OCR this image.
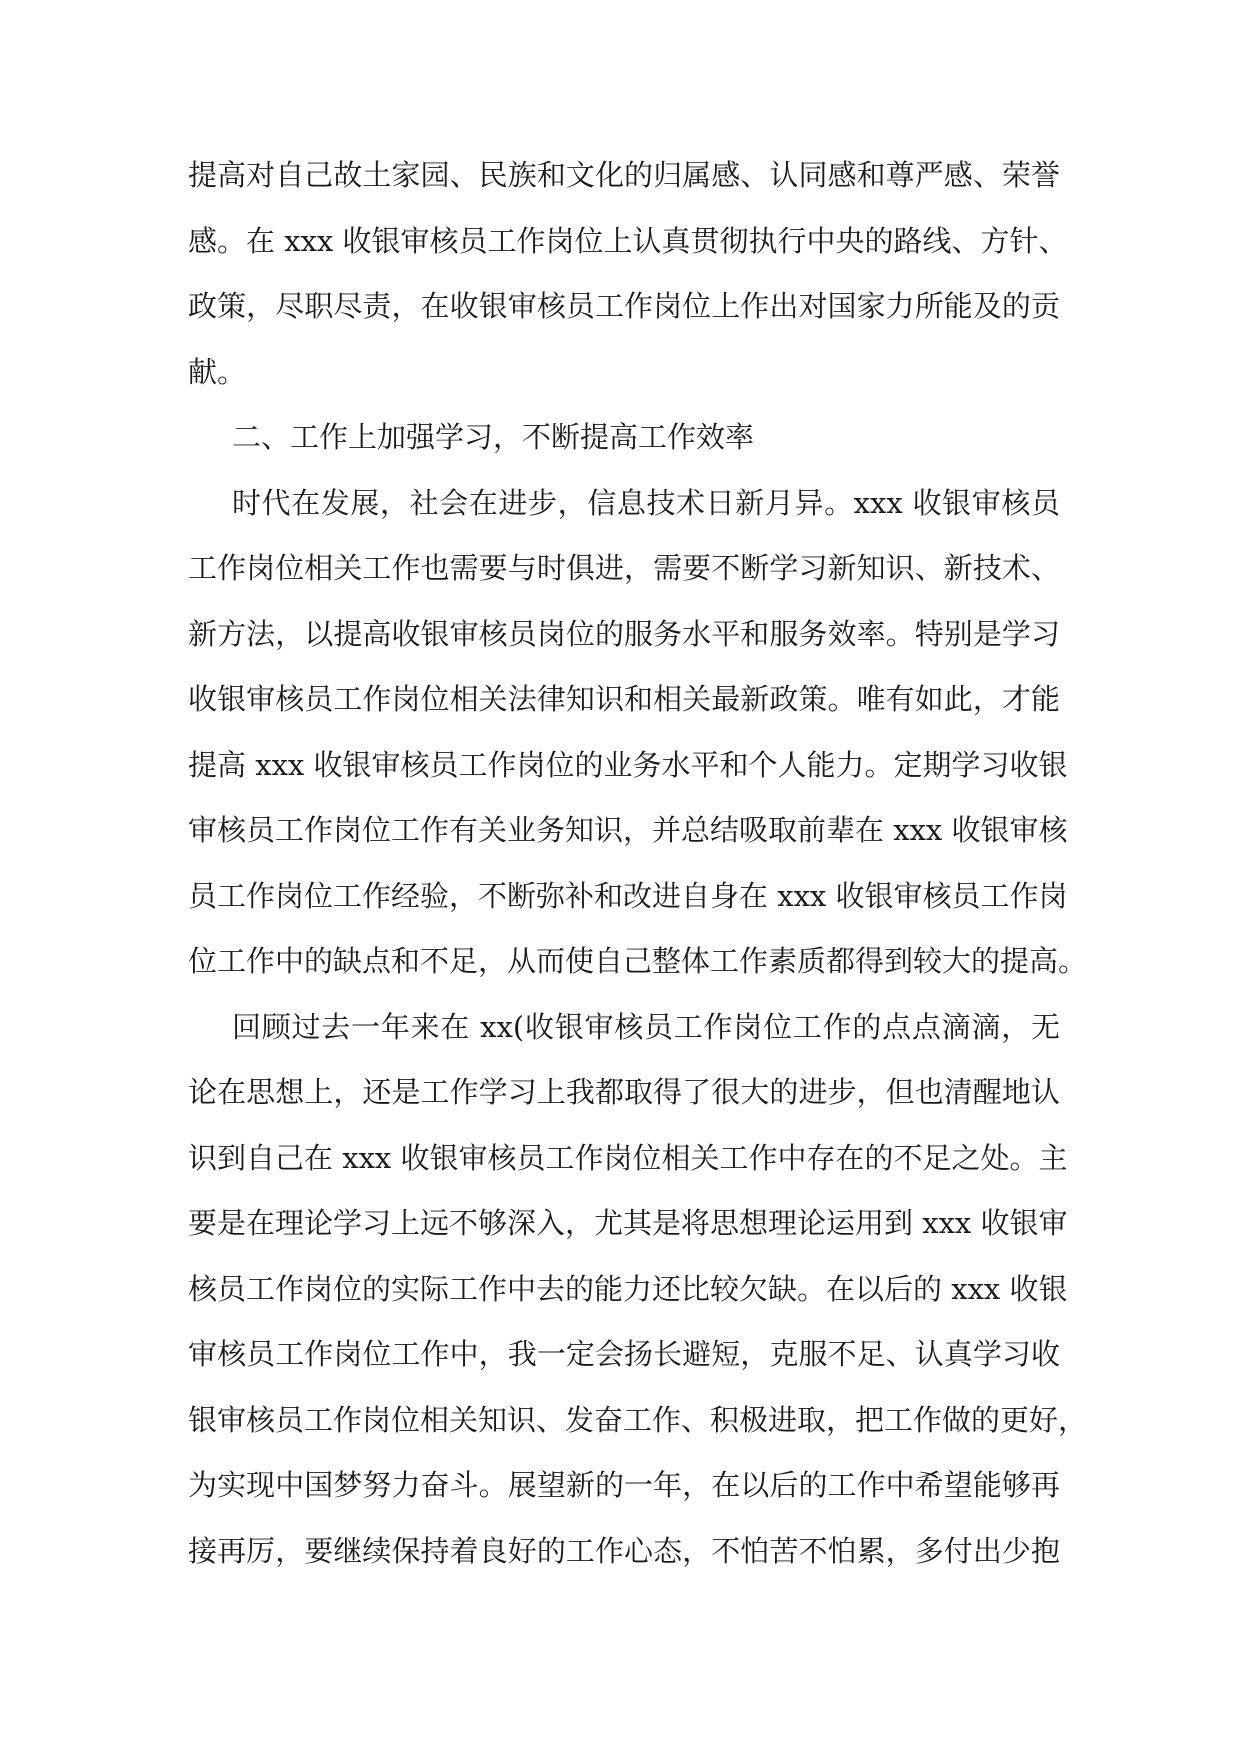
提高对自己故土家园、民族和文化的归属感、认同感和尊严感、荣誉
感。在 xxx 收银审核员工作岗位上认真贯彻执行中央的路线、方针、
政策，尽职尽责，在收银审核员工作岗位上作出对国家力所能及的贡
献。
二、工作上加强学习，不断提高工作效率
时代在发展，社会在进步，信息技术日新月异。xxx 收银审核员
工作岗位相关工作也需要与时俱进，需要不断学习新知识、新技术、
新方法，以提高收银审核员岗位的服务水平和服务效率。特别是学习
收银审核员工作岗位相关法律知识和相关最新政策。唯有如此，才能
提高 xxx 收银审核员工作岗位的业务水平和个人能力。定期学习收银
审核员工作岗位工作有关业务知识，并总结吸取前辈在 xxx 收银审核
员工作岗位工作经验，不断弥补和改进自身在 xxx 收银审核员工作岗
位工作中的缺点和不足，从而使自己整体工作素质都得到较大的提高。
回顾过去一年来在 xx(收银审核员工作岗位工作的点点滴滴，无
论在思想上，还是工作学习上我都取得了很大的进步，但也清醒地认
识到自己在 xxx 收银审核员工作岗位相关工作中存在的不足之处。主
要是在理论学习上远不够深入，尤其是将思想理论运用到 xxx 收银审
核员工作岗位的实际工作中去的能力还比较欠缺。在以后的 xxx 收银
审核员工作岗位工作中，我一定会扬长避短，克服不足、认真学习收
银审核员工作岗位相关知识、发奋工作、积极进取，把工作做的更好，
为实现中国梦努力奋斗。展望新的一年，在以后的工作中希望能够再
接再厉，要继续保持着良好的工作心态，不怕苦不怕累，多付出少抱
